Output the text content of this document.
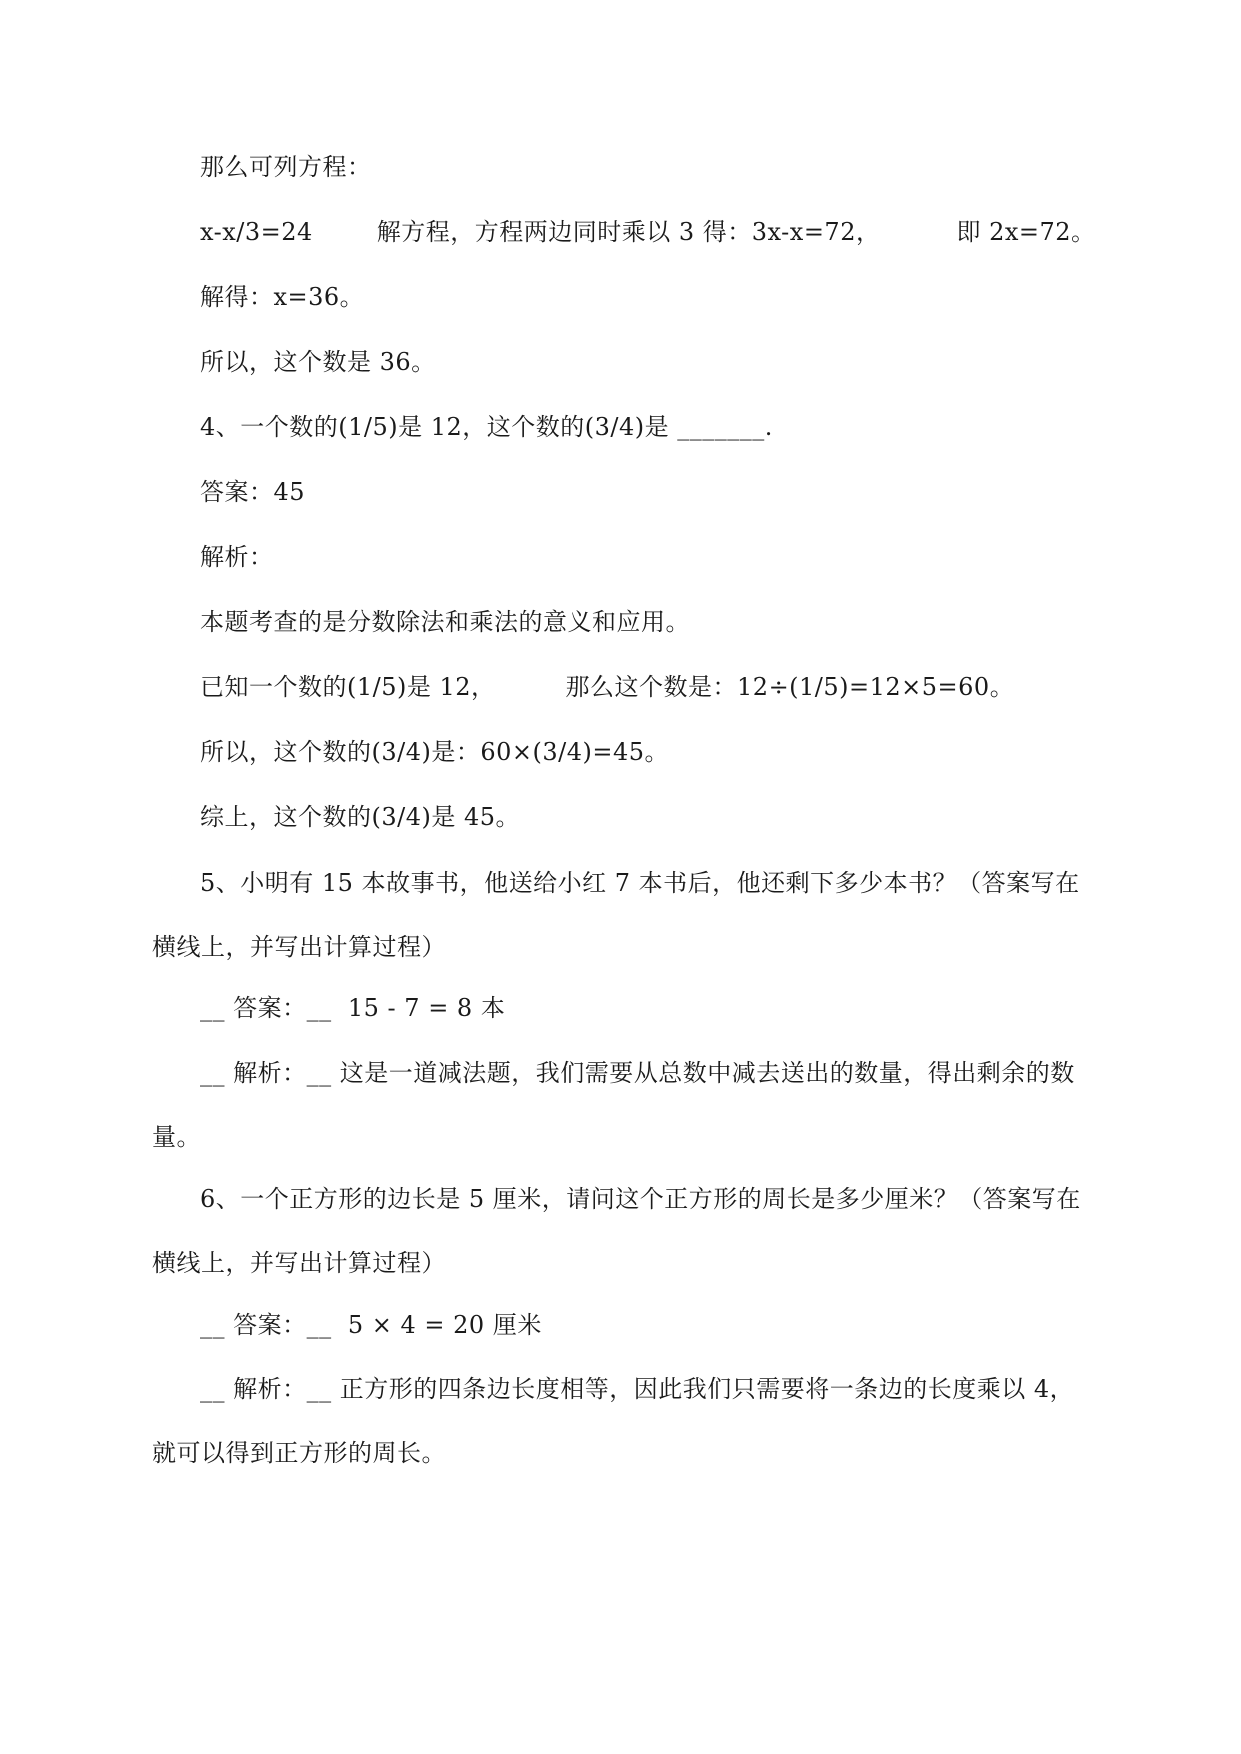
那么可列方程：
x-x/3=24	解方程，方程两边同时乘以 3 得：3x-x=72，	即 2x=72。
解得：x=36。
所以，这个数是 36。
4、一个数的(1/5)是 12，这个数的(3/4)是 _______.
答案：45
解析：
本题考查的是分数除法和乘法的意义和应用。
已知一个数的(1/5)是 12，	那么这个数是：12÷(1/5)=12×5=60。
所以，这个数的(3/4)是：60×(3/4)=45。
综上，这个数的(3/4)是 45。
5、小明有 15 本故事书，他送给小红 7 本书后，他还剩下多少本书？（答案写在横线上，并写出计算过程）
__ 答案：__  15 - 7 = 8 本
__ 解析：__ 这是一道减法题，我们需要从总数中减去送出的数量，得出剩余的数量。
6、一个正方形的边长是 5 厘米，请问这个正方形的周长是多少厘米？（答案写在横线上，并写出计算过程）
__ 答案：__  5 × 4 = 20 厘米
__ 解析：__ 正方形的四条边长度相等，因此我们只需要将一条边的长度乘以 4，就可以得到正方形的周长。
